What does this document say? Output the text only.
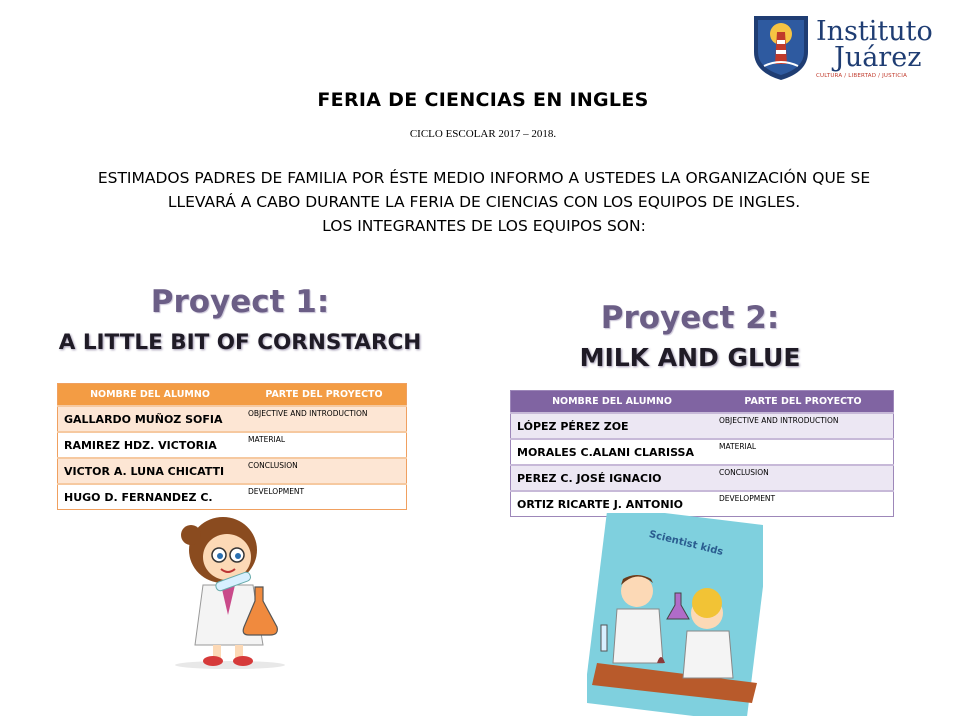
Instituto
Juárez
CULTURA / LIBERTAD / JUSTICIA
FERIA DE CIENCIAS EN INGLES
CICLO ESCOLAR 2017 – 2018.
ESTIMADOS PADRES DE FAMILIA POR ÉSTE MEDIO INFORMO A USTEDES LA ORGANIZACIÓN QUE SE
LLEVARÁ A CABO DURANTE LA FERIA DE CIENCIAS CON LOS EQUIPOS DE INGLES.
LOS INTEGRANTES DE LOS EQUIPOS SON:
Proyect 1:
A LITTLE BIT OF CORNSTARCH
NOMBRE DEL ALUMNO	PARTE DEL PROYECTO
GALLARDO MUÑOZ SOFIA	OBJECTIVE AND INTRODUCTION
RAMIREZ HDZ. VICTORIA	MATERIAL
VICTOR A. LUNA CHICATTI	CONCLUSION
HUGO D. FERNANDEZ C.	DEVELOPMENT
Proyect 2:
MILK AND GLUE
NOMBRE DEL ALUMNO	PARTE DEL PROYECTO
LÓPEZ PÉREZ ZOE	OBJECTIVE AND INTRODUCTION
MORALES C.ALANI CLARISSA	MATERIAL
PEREZ C. JOSÉ IGNACIO	CONCLUSION
ORTIZ RICARTE J. ANTONIO	DEVELOPMENT
Scientist kids
